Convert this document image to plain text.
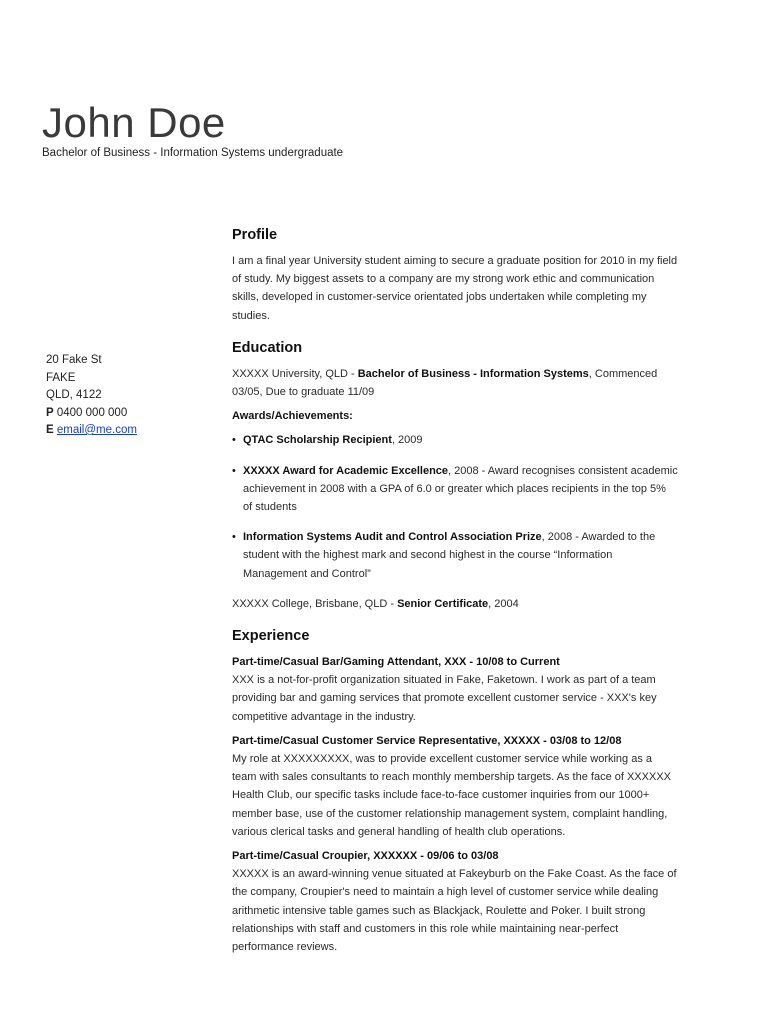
John Doe

Bachelor of Business - Information Systems undergraduate

20 Fake St
FAKE
QLD, 4122
P 0400 000 000
E email@me.com
Profile

I am a final year University student aiming to secure a graduate position for 2010 in my field of study. My biggest assets to a company are my strong work ethic and communication skills, developed in customer-service orientated jobs undertaken while completing my studies.

Education

XXXXX University, QLD - Bachelor of Business - Information Systems, Commenced 03/05, Due to graduate 11/09

Awards/Achievements:

• QTAC Scholarship Recipient, 2009
• XXXXX Award for Academic Excellence, 2008 - Award recognises consistent academic achievement in 2008 with a GPA of 6.0 or greater which places recipients in the top 5% of students
• Information Systems Audit and Control Association Prize, 2008 - Awarded to the student with the highest mark and second highest in the course “Information Management and Control”

XXXXX College, Brisbane, QLD - Senior Certificate, 2004

Experience

Part-time/Casual Bar/Gaming Attendant, XXX - 10/08 to Current

XXX is a not-for-profit organization situated in Fake, Faketown. I work as part of a team providing bar and gaming services that promote excellent customer service - XXX's key competitive advantage in the industry.

Part-time/Casual Customer Service Representative, XXXXX - 03/08 to 12/08

My role at XXXXXXXXX, was to provide excellent customer service while working as a team with sales consultants to reach monthly membership targets. As the face of XXXXXX Health Club, our specific tasks include face-to-face customer inquiries from our 1000+ member base, use of the customer relationship management system, complaint handling, various clerical tasks and general handling of health club operations.

Part-time/Casual Croupier, XXXXXX - 09/06 to 03/08

XXXXX is an award-winning venue situated at Fakeyburb on the Fake Coast. As the face of the company, Croupier's need to maintain a high level of customer service while dealing arithmetic intensive table games such as Blackjack, Roulette and Poker. I built strong relationships with staff and customers in this role while maintaining near-perfect performance reviews.
